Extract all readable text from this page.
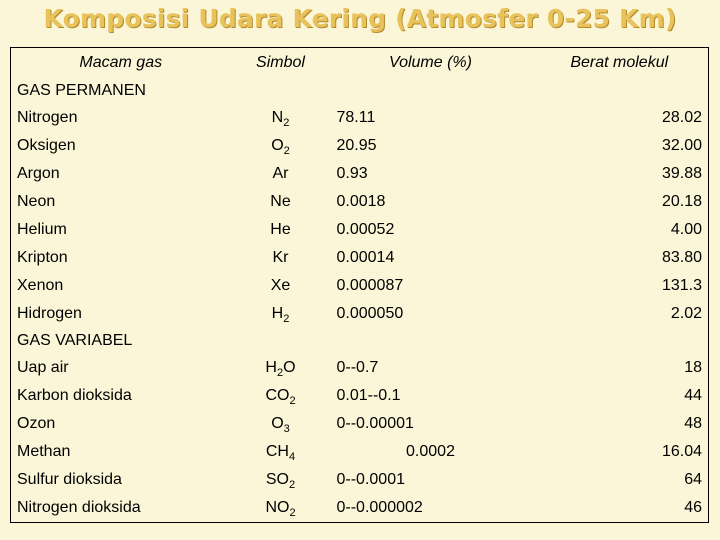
Komposisi Udara Kering (Atmosfer 0-25 Km)
Macam gas	Simbol	Volume (%)	Berat molekul
GAS PERMANEN			
Nitrogen	$N_2$	78.11	28.02
Oksigen	$O_2$	20.95	32.00
Argon	Ar	0.93	39.88
Neon	Ne	0.0018	20.18
Helium	He	0.00052	4.00
Kripton	Kr	0.00014	83.80
Xenon	Xe	0.000087	131.3
Hidrogen	$H_2$	0.000050	2.02
GAS VARIABEL			
Uap air	$H_2O$	0--0.7	18
Karbon dioksida	$CO_2$	0.01--0.1	44
Ozon	$O_3$	0--0.00001	48
Methan	$CH_4$	0.0002	16.04
Sulfur dioksida	$SO_2$	0--0.0001	64
Nitrogen dioksida	$NO_2$	0--0.000002	46
